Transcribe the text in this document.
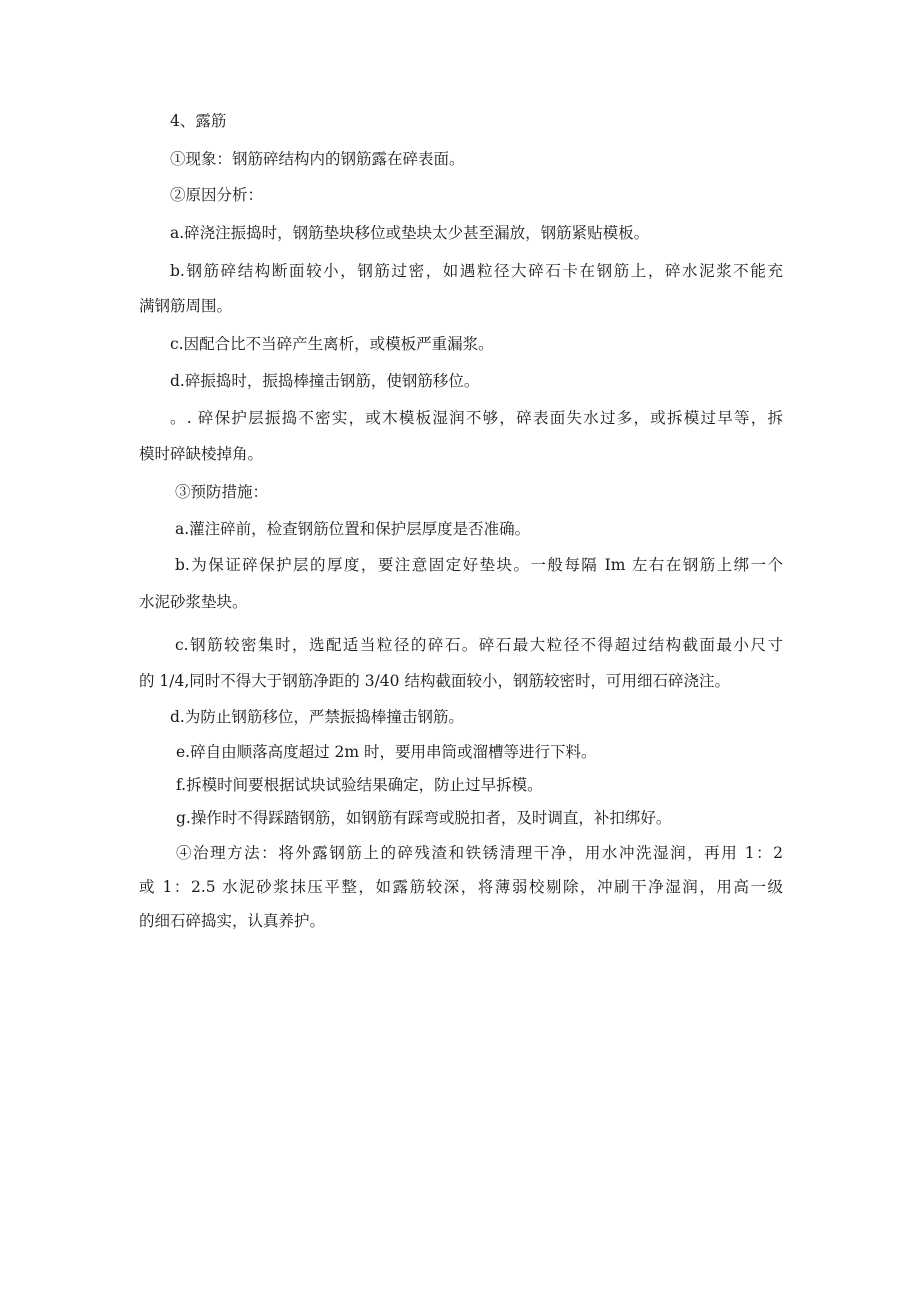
4、露筋
①现象：钢筋碎结构内的钢筋露在碎表面。
②原因分析：
a.碎浇注振捣时，钢筋垫块移位或垫块太少甚至漏放，钢筋紧贴模板。
b.钢筋碎结构断面较小，钢筋过密，如遇粒径大碎石卡在钢筋上，碎水泥浆不能充
满钢筋周围。
c.因配合比不当碎产生离析，或模板严重漏浆。
d.碎振捣时，振捣棒撞击钢筋，使钢筋移位。
。. 碎保护层振捣不密实，或木模板湿润不够，碎表面失水过多，或拆模过早等，拆
模时碎缺棱掉角。
③预防措施：
a.灌注碎前，检查钢筋位置和保护层厚度是否准确。
b.为保证碎保护层的厚度，要注意固定好垫块。一般每隔 Im 左右在钢筋上绑一个
水泥砂浆垫块。
c.钢筋较密集时，选配适当粒径的碎石。碎石最大粒径不得超过结构截面最小尺寸
的 1/4,同时不得大于钢筋净距的 3/40 结构截面较小，钢筋较密时，可用细石碎浇注。
d.为防止钢筋移位，严禁振捣棒撞击钢筋。
e.碎自由顺落高度超过 2m 时，要用串筒或溜槽等进行下料。
f.拆模时间要根据试块试验结果确定，防止过早拆模。
g.操作时不得踩踏钢筋，如钢筋有踩弯或脱扣者，及时调直，补扣绑好。
④治理方法：将外露钢筋上的碎残渣和铁锈清理干净，用水冲洗湿润，再用 1：2
或 1：2.5 水泥砂浆抹压平整，如露筋较深，将薄弱校剔除，冲刷干净湿润，用高一级
的细石碎捣实，认真养护。
